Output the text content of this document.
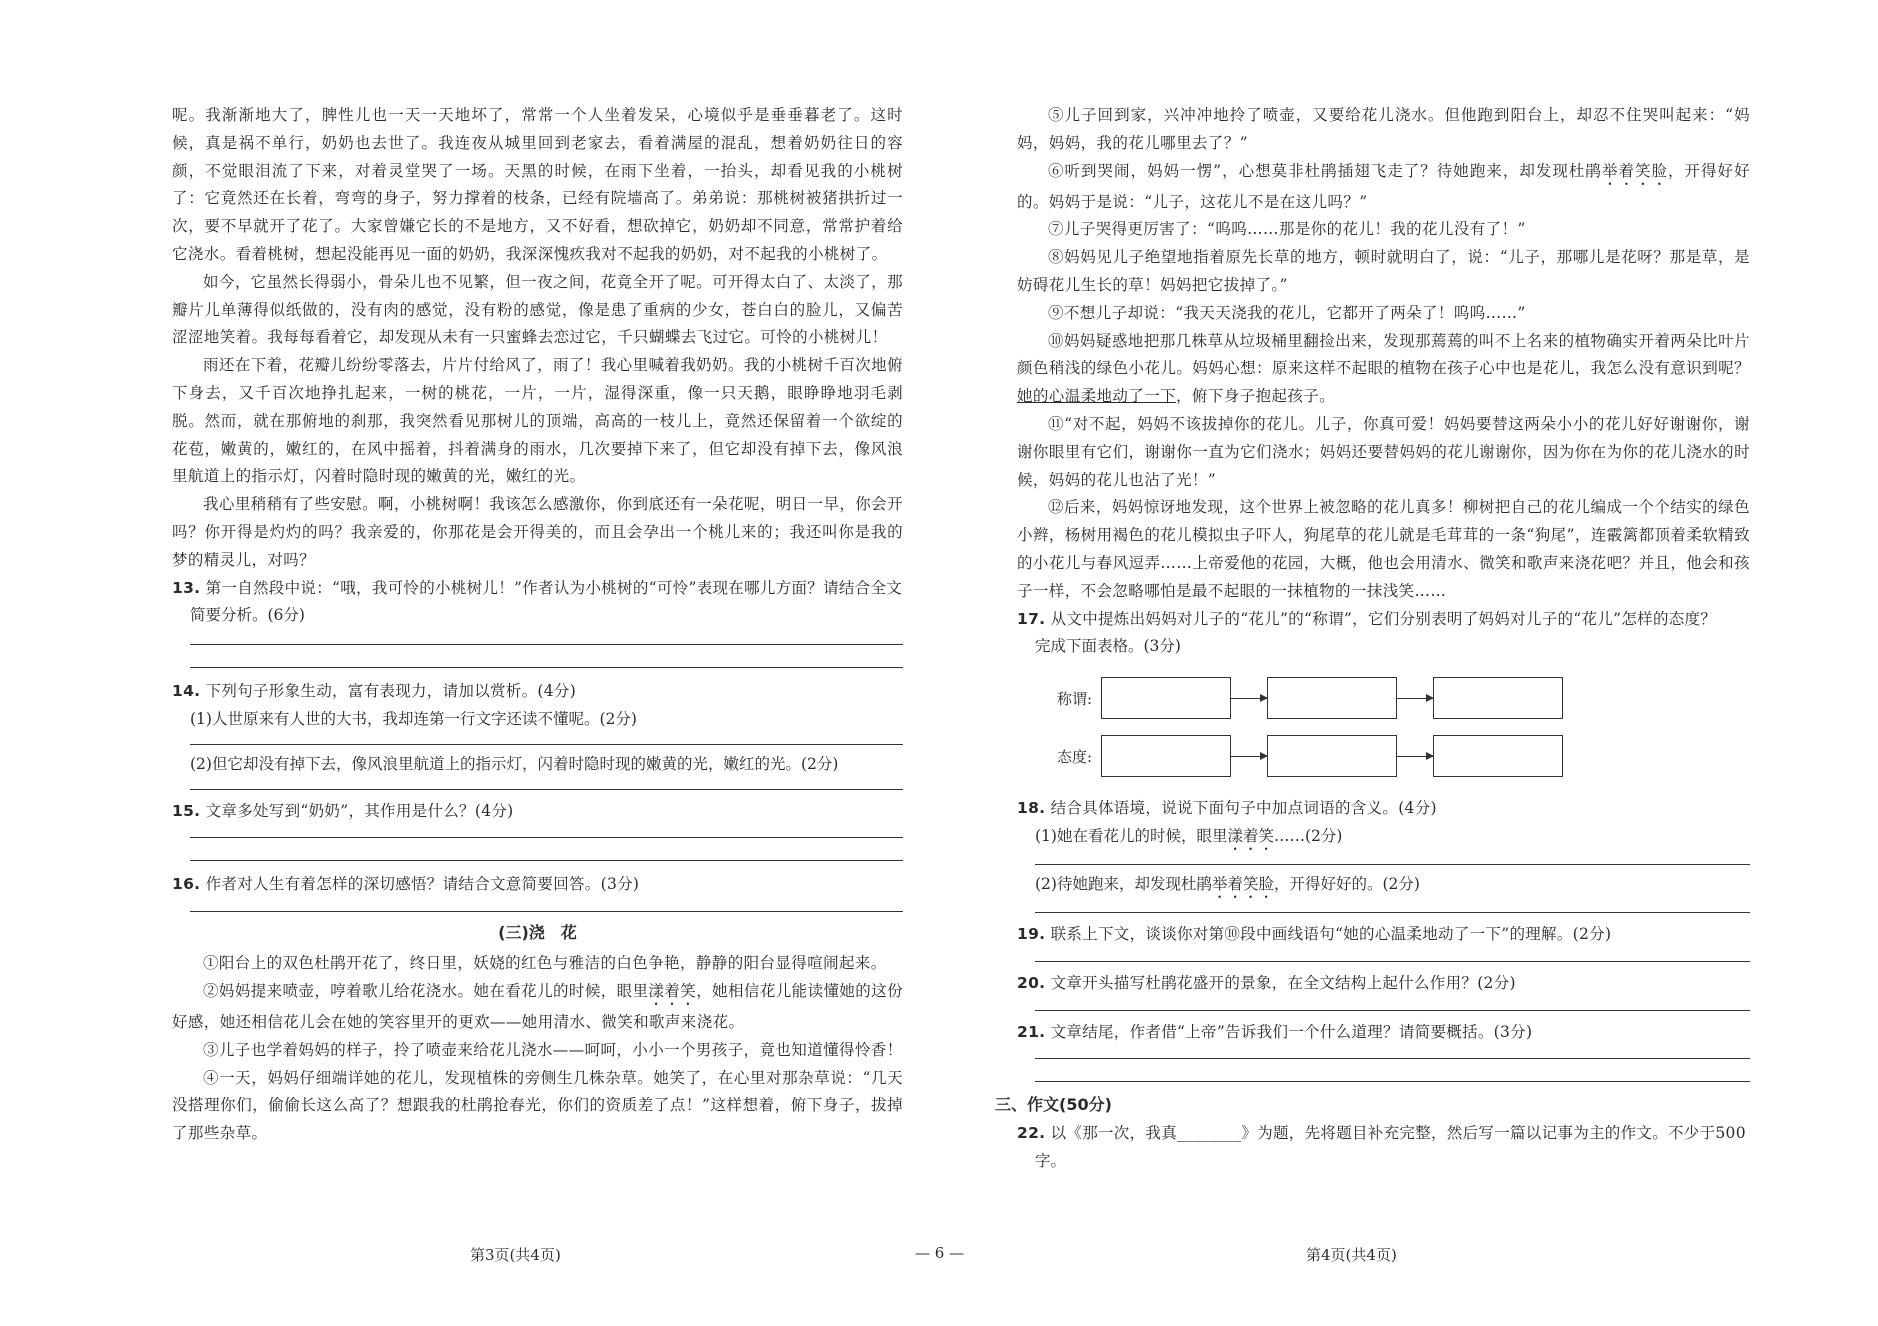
呢。我渐渐地大了，脾性儿也一天一天地坏了，常常一个人坐着发呆，心境似乎是垂垂暮老了。这时候，真是祸不单行，奶奶也去世了。我连夜从城里回到老家去，看着满屋的混乱，想着奶奶往日的容颜，不觉眼泪流了下来，对着灵堂哭了一场。天黑的时候，在雨下坐着，一抬头，却看见我的小桃树了：它竟然还在长着，弯弯的身子，努力撑着的枝条，已经有院墙高了。弟弟说：那桃树被猪拱折过一次，要不早就开了花了。大家曾嫌它长的不是地方，又不好看，想砍掉它，奶奶却不同意，常常护着给它浇水。看着桃树，想起没能再见一面的奶奶，我深深愧疚我对不起我的奶奶，对不起我的小桃树了。

如今，它虽然长得弱小，骨朵儿也不见繁，但一夜之间，花竟全开了呢。可开得太白了、太淡了，那瓣片儿单薄得似纸做的，没有肉的感觉，没有粉的感觉，像是患了重病的少女，苍白白的脸儿，又偏苦涩涩地笑着。我每每看着它，却发现从未有一只蜜蜂去恋过它，千只蝴蝶去飞过它。可怜的小桃树儿！

雨还在下着，花瓣儿纷纷零落去，片片付给风了，雨了！我心里喊着我奶奶。我的小桃树千百次地俯下身去，又千百次地挣扎起来，一树的桃花，一片，一片，湿得深重，像一只天鹅，眼睁睁地羽毛剥脱。然而，就在那俯地的刹那，我突然看见那树儿的顶端，高高的一枝儿上，竟然还保留着一个欲绽的花苞，嫩黄的，嫩红的，在风中摇着，抖着满身的雨水，几次要掉下来了，但它却没有掉下去，像风浪里航道上的指示灯，闪着时隐时现的嫩黄的光，嫩红的光。

我心里稍稍有了些安慰。啊，小桃树啊！我该怎么感激你，你到底还有一朵花呢，明日一早，你会开吗？你开得是灼灼的吗？我亲爱的，你那花是会开得美的，而且会孕出一个桃儿来的；我还叫你是我的梦的精灵儿，对吗？

13. 第一自然段中说：“哦，我可怜的小桃树儿！”作者认为小桃树的“可怜”表现在哪儿方面？请结合全文

简要分析。(6分)

14. 下列句子形象生动，富有表现力，请加以赏析。(4分)

(1)人世原来有人世的大书，我却连第一行文字还读不懂呢。(2分)

(2)但它却没有掉下去，像风浪里航道上的指示灯，闪着时隐时现的嫩黄的光，嫩红的光。(2分)

15. 文章多处写到“奶奶”，其作用是什么？(4分)

16. 作者对人生有着怎样的深切感悟？请结合文意简要回答。(3分)

(三)浇　花

①阳台上的双色杜鹃开花了，终日里，妖娆的红色与雅洁的白色争艳，静静的阳台显得喧闹起来。

②妈妈提来喷壶，哼着歌儿给花浇水。她在看花儿的时候，眼里漾着笑，她相信花儿能读懂她的这份好感，她还相信花儿会在她的笑容里开的更欢——她用清水、微笑和歌声来浇花。

③儿子也学着妈妈的样子，拎了喷壶来给花儿浇水——呵呵，小小一个男孩子，竟也知道懂得怜香！

④一天，妈妈仔细端详她的花儿，发现植株的旁侧生几株杂草。她笑了，在心里对那杂草说：“几天没搭理你们，偷偷长这么高了？想跟我的杜鹃抢春光，你们的资质差了点！”这样想着，俯下身子，拔掉了那些杂草。

第3页(共4页)	— 6 —	第4页(共4页)

⑤儿子回到家，兴冲冲地拎了喷壶，又要给花儿浇水。但他跑到阳台上，却忍不住哭叫起来：“妈妈，妈妈，我的花儿哪里去了？”

⑥听到哭闹，妈妈一愣”，心想莫非杜鹃插翅飞走了？待她跑来，却发现杜鹃举着笑脸，开得好好的。妈妈于是说：“儿子，这花儿不是在这儿吗？”

⑦儿子哭得更厉害了：“呜呜……那是你的花儿！我的花儿没有了！”

⑧妈妈见儿子绝望地指着原先长草的地方，顿时就明白了，说：“儿子，那哪儿是花呀？那是草，是妨碍花儿生长的草！妈妈把它拔掉了。”

⑨不想儿子却说：“我天天浇我的花儿，它都开了两朵了！呜呜……”

⑩妈妈疑惑地把那几株草从垃圾桶里翻捡出来，发现那蔫蔫的叫不上名来的植物确实开着两朵比叶片颜色稍浅的绿色小花儿。妈妈心想：原来这样不起眼的植物在孩子心中也是花儿，我怎么没有意识到呢？她的心温柔地动了一下，俯下身子抱起孩子。

⑪“对不起，妈妈不该拔掉你的花儿。儿子，你真可爱！妈妈要替这两朵小小的花儿好好谢谢你，谢谢你眼里有它们，谢谢你一直为它们浇水；妈妈还要替妈妈的花儿谢谢你，因为你在为你的花儿浇水的时候，妈妈的花儿也沾了光！”

⑫后来，妈妈惊讶地发现，这个世界上被忽略的花儿真多！柳树把自己的花儿编成一个个结实的绿色小辫，杨树用褐色的花儿模拟虫子吓人，狗尾草的花儿就是毛茸茸的一条“狗尾”，连霰篱都顶着柔软精致的小花儿与春风逗弄……上帝爱他的花园，大概，他也会用清水、微笑和歌声来浇花吧？并且，他会和孩子一样，不会忽略哪怕是最不起眼的一抹植物的一抹浅笑……

17. 从文中提炼出妈妈对儿子的“花儿”的“称谓”，它们分别表明了妈妈对儿子的“花儿”怎样的态度？

完成下面表格。(3分)

称谓:
态度:

18. 结合具体语境，说说下面句子中加点词语的含义。(4分)

(1)她在看花儿的时候，眼里漾着笑……(2分)

(2)待她跑来，却发现杜鹃举着笑脸，开得好好的。(2分)

19. 联系上下文，谈谈你对第⑩段中画线语句“她的心温柔地动了一下”的理解。(2分)

20. 文章开头描写杜鹃花盛开的景象，在全文结构上起什么作用？(2分)

21. 文章结尾，作者借“上帝”告诉我们一个什么道理？请简要概括。(3分)

三、作文(50分)

22. 以《那一次，我真________》为题，先将题目补充完整，然后写一篇以记事为主的作文。不少于500

字。
